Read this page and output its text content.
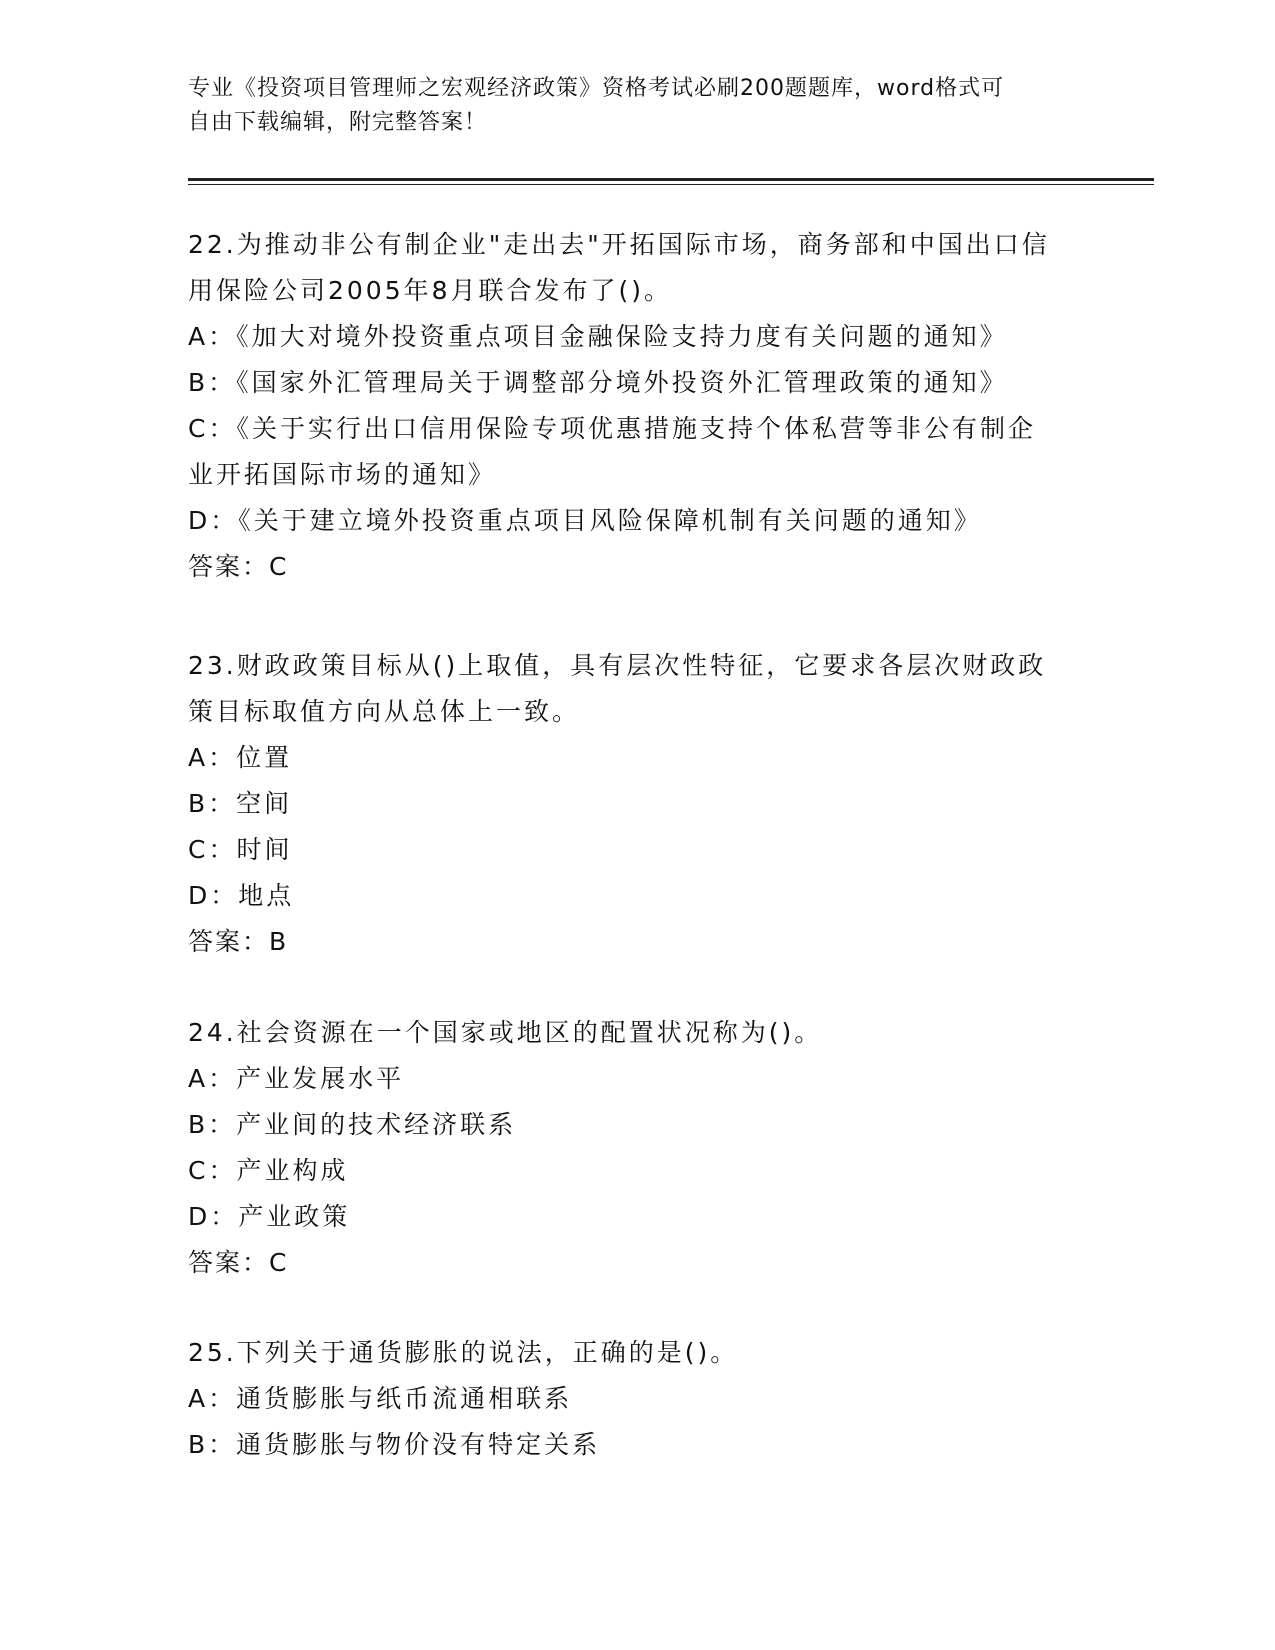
专业《投资项目管理师之宏观经济政策》资格考试必刷200题题库，word格式可
自由下载编辑，附完整答案！
22.为推动非公有制企业"走出去"开拓国际市场，商务部和中国出口信
用保险公司2005年8月联合发布了()。
A：《加大对境外投资重点项目金融保险支持力度有关问题的通知》
B：《国家外汇管理局关于调整部分境外投资外汇管理政策的通知》
C：《关于实行出口信用保险专项优惠措施支持个体私营等非公有制企
业开拓国际市场的通知》
D：《关于建立境外投资重点项目风险保障机制有关问题的通知》
答案：C
23.财政政策目标从()上取值，具有层次性特征，它要求各层次财政政
策目标取值方向从总体上一致。
A：位置
B：空间
C：时间
D：地点
答案：B
24.社会资源在一个国家或地区的配置状况称为()。
A：产业发展水平
B：产业间的技术经济联系
C：产业构成
D：产业政策
答案：C
25.下列关于通货膨胀的说法，正确的是()。
A：通货膨胀与纸币流通相联系
B：通货膨胀与物价没有特定关系
